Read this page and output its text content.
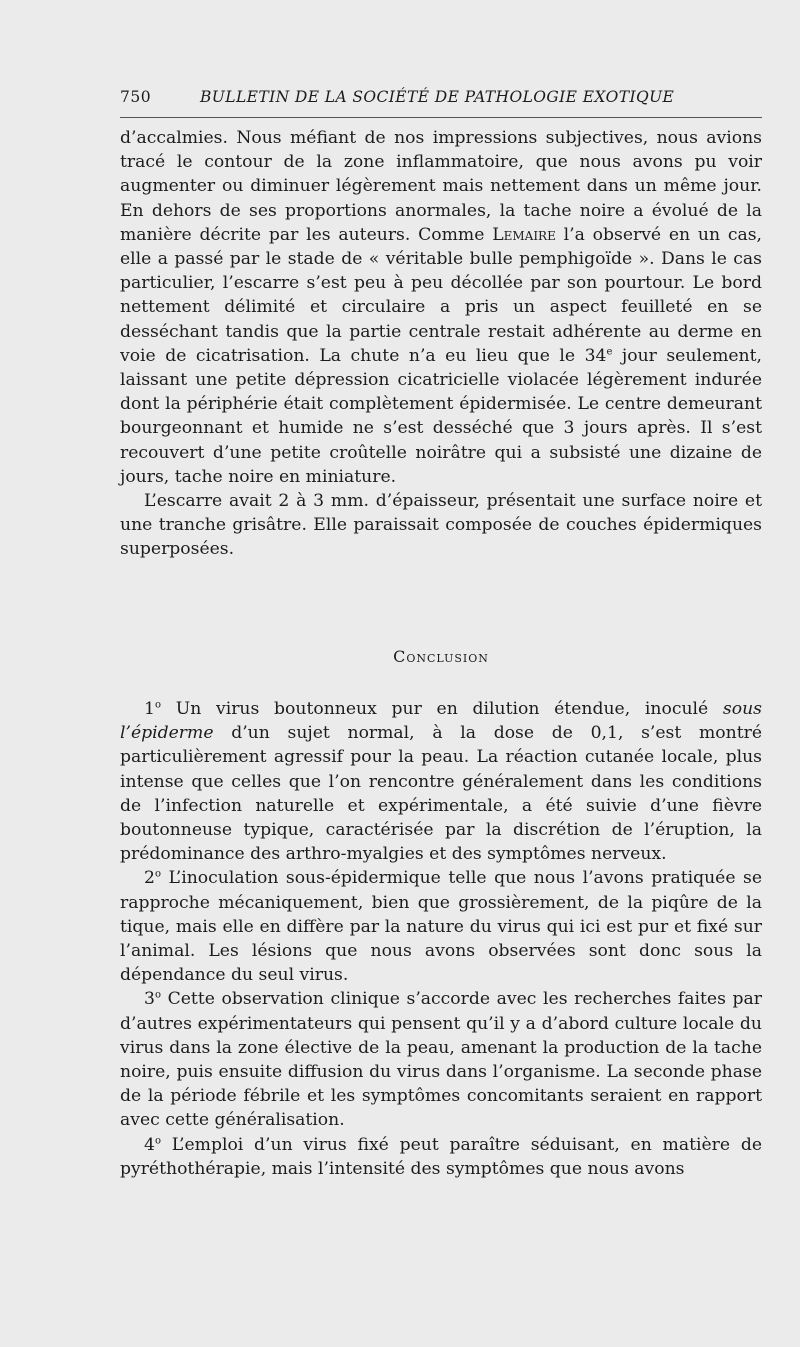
750	BULLETIN DE LA SOCIÉTÉ DE PATHOLOGIE EXOTIQUE

d’accalmies. Nous méfiant de nos impressions subjectives, nous avions tracé le contour de la zone inflammatoire, que nous avons pu voir augmenter ou diminuer légèrement mais nettement dans un même jour. En dehors de ses proportions anormales, la tache noire a évolué de la manière décrite par les auteurs. Comme Lemaire l’a observé en un cas, elle a passé par le stade de « véritable bulle pemphigoïde ». Dans le cas particulier, l’escarre s’est peu à peu décollée par son pourtour. Le bord nettement délimité et circulaire a pris un aspect feuilleté en se desséchant tandis que la partie centrale restait adhérente au derme en voie de cicatrisation. La chute n’a eu lieu que le 34e jour seulement, laissant une petite dépression cicatricielle violacée légèrement indurée dont la périphérie était complètement épidermisée. Le centre demeurant bourgeonnant et humide ne s’est desséché que 3 jours après. Il s’est recouvert d’une petite croûtelle noirâtre qui a subsisté une dizaine de jours, tache noire en miniature.

L’escarre avait 2 à 3 mm. d’épaisseur, présentait une surface noire et une tranche grisâtre. Elle paraissait composée de couches épidermiques superposées.

Conclusion

1$^o$ Un virus boutonneux pur en dilution étendue, inoculé sous l’épiderme d’un sujet normal, à la dose de 0,1, s’est montré particulièrement agressif pour la peau. La réaction cutanée locale, plus intense que celles que l’on rencontre généralement dans les conditions de l’infection naturelle et expérimentale, a été suivie d’une fièvre boutonneuse typique, caractérisée par la discrétion de l’éruption, la prédominance des arthro-myalgies et des symptômes nerveux.

2$^o$ L’inoculation sous-épidermique telle que nous l’avons pratiquée se rapproche mécaniquement, bien que grossièrement, de la piqûre de la tique, mais elle en diffère par la nature du virus qui ici est pur et fixé sur l’animal. Les lésions que nous avons observées sont donc sous la dépendance du seul virus.

3$^o$ Cette observation clinique s’accorde avec les recherches faites par d’autres expérimentateurs qui pensent qu’il y a d’abord culture locale du virus dans la zone élective de la peau, amenant la production de la tache noire, puis ensuite diffusion du virus dans l’organisme. La seconde phase de la période fébrile et les symptômes concomitants seraient en rapport avec cette généralisation.

4$^o$ L’emploi d’un virus fixé peut paraître séduisant, en matière de pyréthothérapie, mais l’intensité des symptômes que nous avons
